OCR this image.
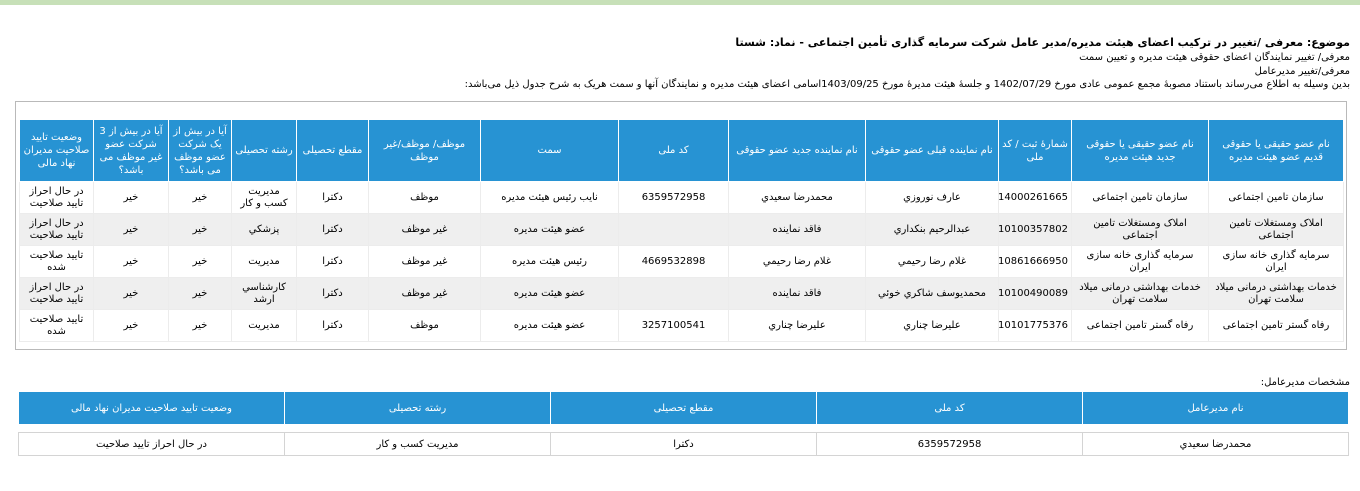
موضوع: معرفی /تغییر در ترکیب اعضای هیئت مدیره/مدیر عامل شرکت سرمایه گذاری تأمین اجتماعی - نماد: شستا
معرفی/ تغییر نمایندگان اعضای حقوقی هیئت مدیره و تعیین سمت
معرفی/تغییر مدیرعامل
بدین وسیله به اطلاع می‌رساند باستناد مصوبهٔ مجمع عمومی عادی مورخ 1402/07/29 و جلسهٔ هیئت مدیرهٔ مورخ 1403/09/25اسامی اعضای هیئت مدیره و نمایندگان آنها و سمت هریک به شرح جدول ذیل می‌باشد:
نام عضو حقیقی یا حقوقی قدیم عضو هیئت مدیره	نام عضو حقیقی یا حقوقی جدید هیئت مدیره	شمارهٔ ثبت / کد ملی	نام نماینده قبلی عضو حقوقی	نام نماینده جدید عضو حقوقی	کد ملی	سمت	موظف/ موظف/غیر موظف	مقطع تحصیلی	رشته تحصیلی	آیا در بیش از یک شرکت عضو موظف می باشد؟	آیا در بیش از 3 شرکت عضو غیر موظف می باشد؟	وضعیت تایید صلاحیت مدیران نهاد مالی
سازمان تامین اجتماعی	سازمان تامین اجتماعی	14000261665	عارف نوروزي	محمدرضا سعيدي	6359572958	نايب رئيس هيئت مديره	موظف	دكترا	مديريت كسب و كار	خير	خير	در حال احراز تاييد صلاحيت
املاک ومستغلات تامین اجتماعی	املاک ومستغلات تامین اجتماعی	10100357802	عبدالرحيم بنكداري	فاقد نماينده		عضو هيئت مديره	غير موظف	دكترا	پزشكي	خير	خير	در حال احراز تاييد صلاحيت
سرمایه گذاری خانه سازی ایران	سرمایه گذاری خانه سازی ایران	10861666950	غلام رضا رحيمي	غلام رضا رحيمي	4669532898	رئيس هيئت مديره	غير موظف	دكترا	مديريت	خير	خير	تاييد صلاحيت شده
خدمات بهداشتی درمانی میلاد سلامت تهران	خدمات بهداشتی درمانی میلاد سلامت تهران	10100490089	محمديوسف شاكري خوئي	فاقد نماينده		عضو هيئت مديره	غير موظف	دكترا	كارشناسي ارشد	خير	خير	در حال احراز تاييد صلاحيت
رفاه گستر تامین اجتماعی	رفاه گستر تامین اجتماعی	10101775376	عليرضا چناري	عليرضا چناري	3257100541	عضو هيئت مديره	موظف	دكترا	مديريت	خير	خير	تاييد صلاحيت شده
مشخصات مدیرعامل:
نام مدیرعامل	کد ملی	مقطع تحصیلی	رشته تحصیلی	وضعیت تایید صلاحیت مدیران نهاد مالی

محمدرضا سعيدي	6359572958	دكترا	مديريت كسب و كار	در حال احراز تاييد صلاحيت
